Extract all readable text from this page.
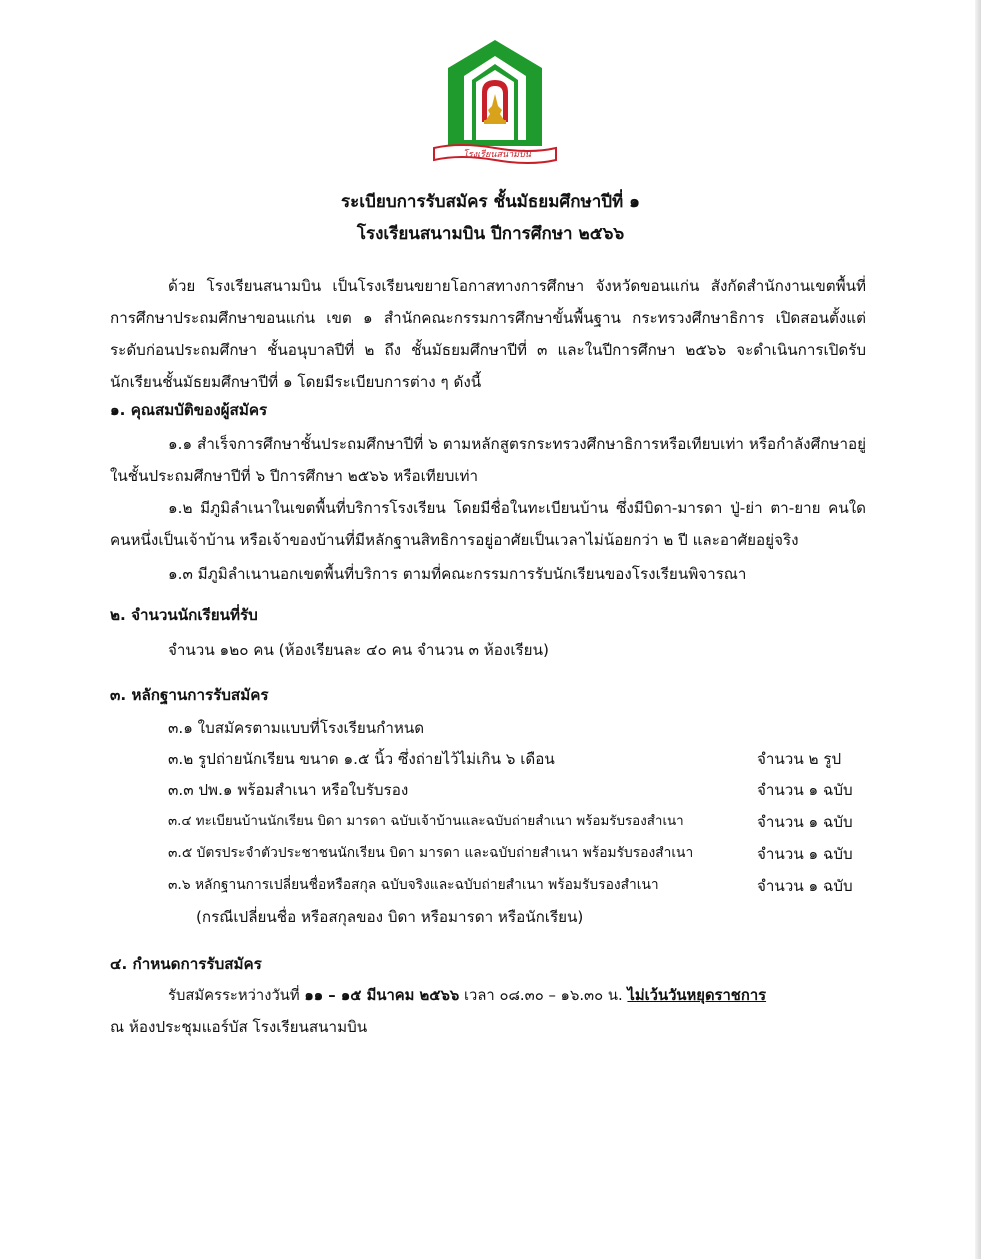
โรงเรียนสนามบิน
ระเบียบการรับสมัคร ชั้นมัธยมศึกษาปีที่ ๑
โรงเรียนสนามบิน ปีการศึกษา ๒๕๖๖

ด้วย โรงเรียนสนามบิน เป็นโรงเรียนขยายโอกาสทางการศึกษา จังหวัดขอนแก่น สังกัดสำนักงานเขตพื้นที่การศึกษาประถมศึกษาขอนแก่น เขต ๑ สำนักคณะกรรมการศึกษาขั้นพื้นฐาน กระทรวงศึกษาธิการ เปิดสอนตั้งแต่ระดับก่อนประถมศึกษา ชั้นอนุบาลปีที่ ๒ ถึง ชั้นมัธยมศึกษาปีที่ ๓ และในปีการศึกษา ๒๕๖๖ จะดำเนินการเปิดรับนักเรียนชั้นมัธยมศึกษาปีที่ ๑ โดยมีระเบียบการต่าง ๆ ดังนี้

๑. คุณสมบัติของผู้สมัคร

๑.๑ สำเร็จการศึกษาชั้นประถมศึกษาปีที่ ๖ ตามหลักสูตรกระทรวงศึกษาธิการหรือเทียบเท่า หรือกำลังศึกษาอยู่ในชั้นประถมศึกษาปีที่ ๖ ปีการศึกษา ๒๕๖๖ หรือเทียบเท่า

๑.๒ มีภูมิลำเนาในเขตพื้นที่บริการโรงเรียน โดยมีชื่อในทะเบียนบ้าน ซึ่งมีบิดา-มารดา ปู่-ย่า ตา-ยาย คนใดคนหนึ่งเป็นเจ้าบ้าน หรือเจ้าของบ้านที่มีหลักฐานสิทธิการอยู่อาศัยเป็นเวลาไม่น้อยกว่า ๒ ปี และอาศัยอยู่จริง

๑.๓ มีภูมิลำเนานอกเขตพื้นที่บริการ ตามที่คณะกรรมการรับนักเรียนของโรงเรียนพิจารณา

๒. จำนวนนักเรียนที่รับ

จำนวน ๑๒๐ คน (ห้องเรียนละ ๔๐ คน จำนวน ๓ ห้องเรียน)

๓. หลักฐานการรับสมัคร

๓.๑ ใบสมัครตามแบบที่โรงเรียนกำหนด

๓.๒ รูปถ่ายนักเรียน ขนาด ๑.๕ นิ้ว ซึ่งถ่ายไว้ไม่เกิน ๖ เดือน	จำนวน ๒ รูป

๓.๓ ปพ.๑ พร้อมสำเนา หรือใบรับรอง	จำนวน ๑ ฉบับ

๓.๔ ทะเบียนบ้านนักเรียน บิดา มารดา ฉบับเจ้าบ้านและฉบับถ่ายสำเนา พร้อมรับรองสำเนา	จำนวน ๑ ฉบับ

๓.๕ บัตรประจำตัวประชาชนนักเรียน บิดา มารดา และฉบับถ่ายสำเนา พร้อมรับรองสำเนา	จำนวน ๑ ฉบับ

๓.๖ หลักฐานการเปลี่ยนชื่อหรือสกุล ฉบับจริงและฉบับถ่ายสำเนา พร้อมรับรองสำเนา	จำนวน ๑ ฉบับ

(กรณีเปลี่ยนชื่อ หรือสกุลของ บิดา หรือมารดา หรือนักเรียน)

๔. กำหนดการรับสมัคร

รับสมัครระหว่างวันที่ ๑๑ – ๑๕ มีนาคม ๒๕๖๖ เวลา ๐๘.๓๐ – ๑๖.๓๐ น. ไม่เว้นวันหยุดราชการ

ณ ห้องประชุมแอร์บัส โรงเรียนสนามบิน
